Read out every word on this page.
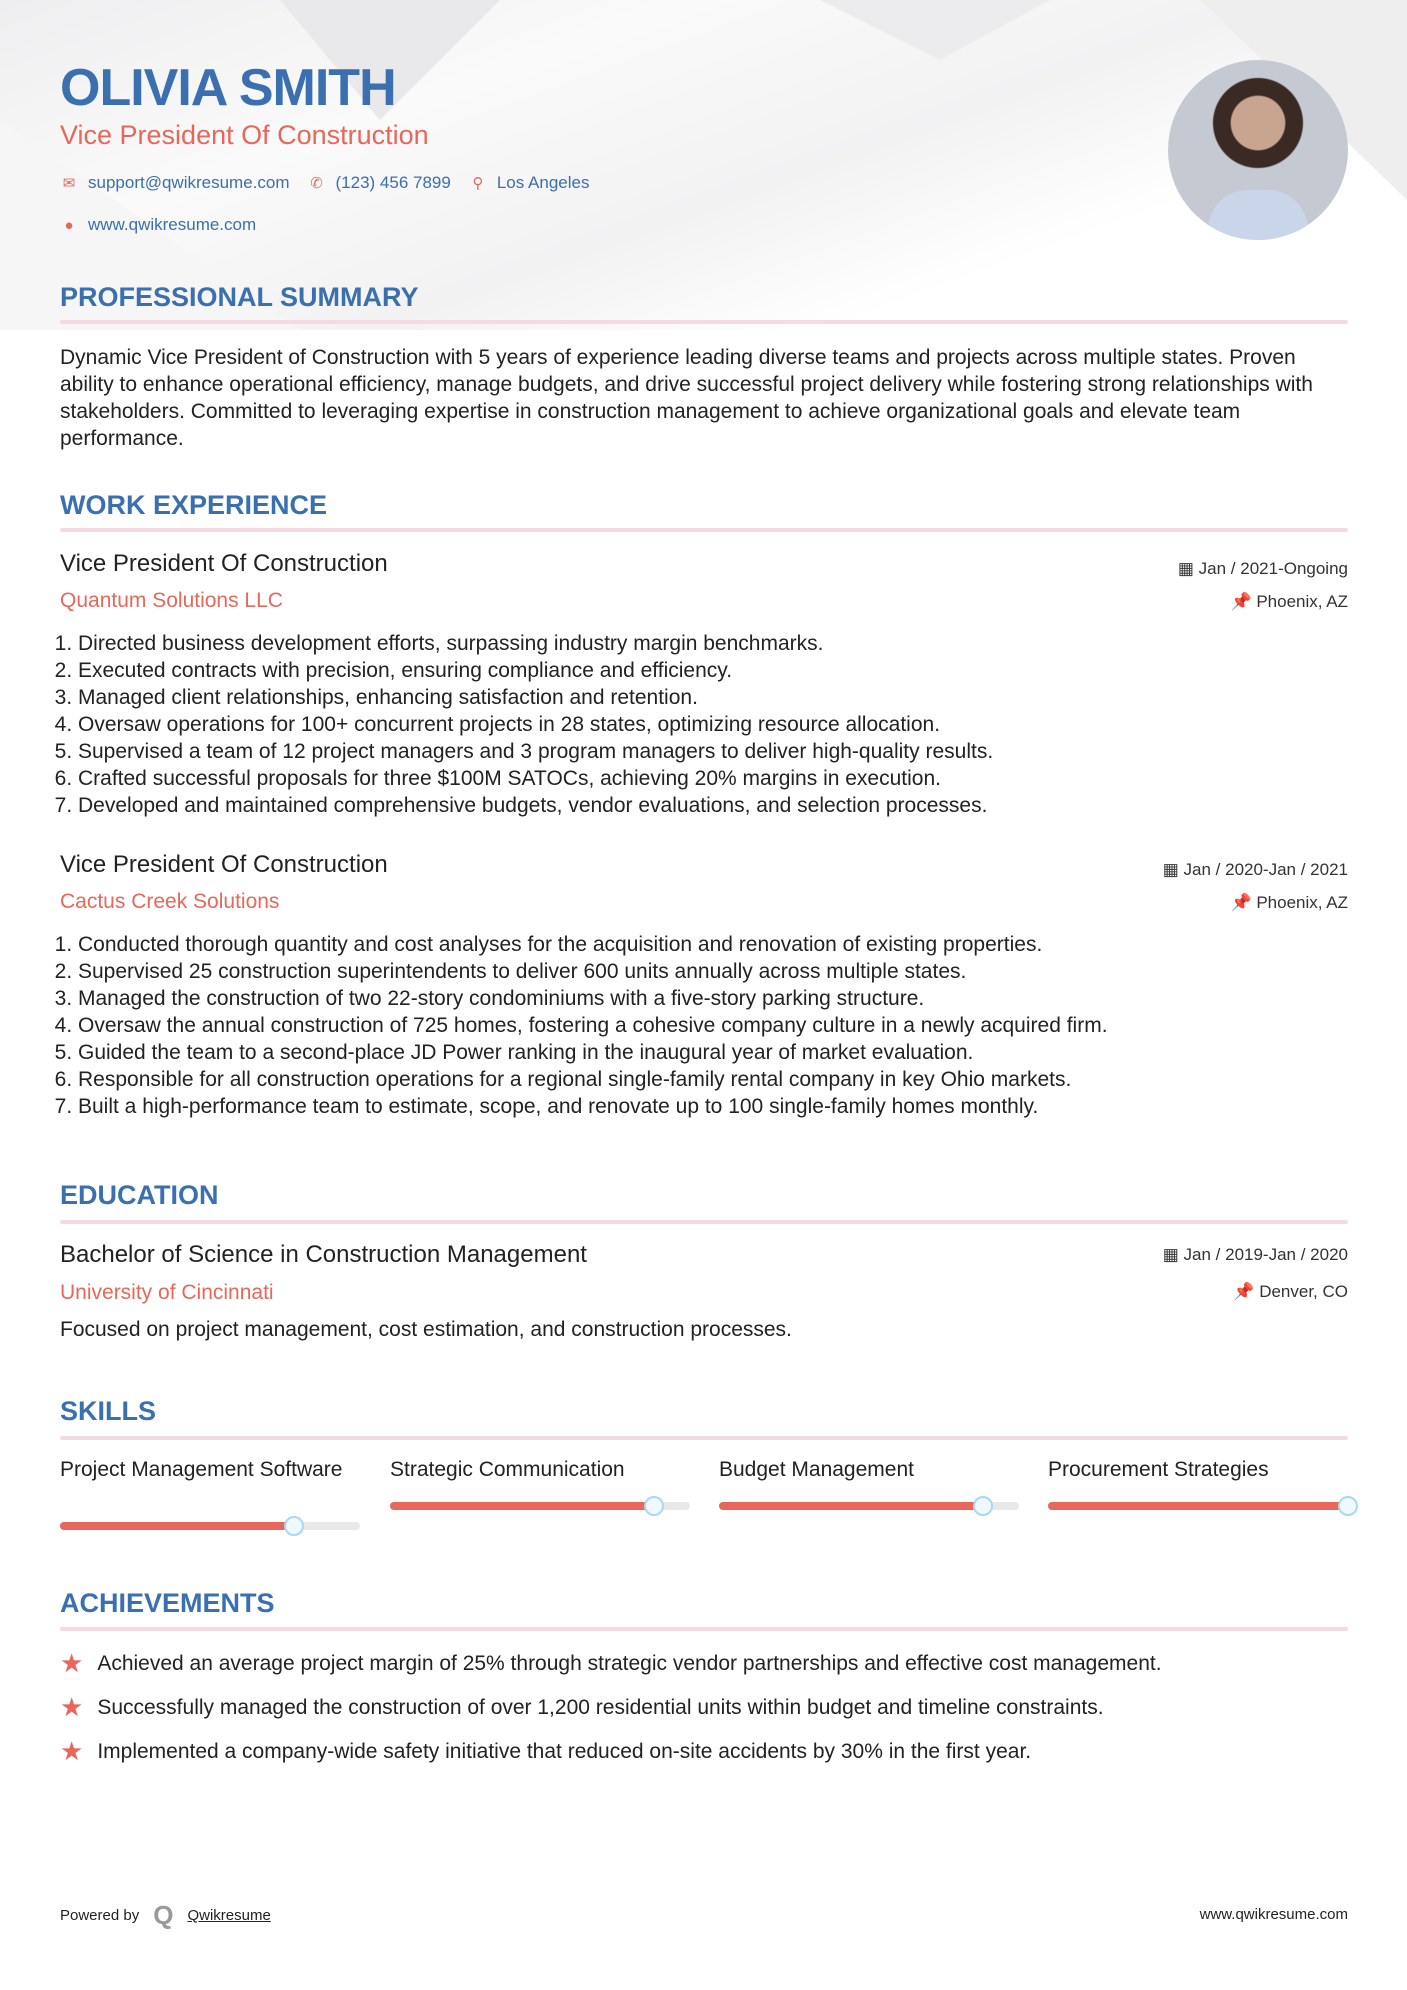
OLIVIA SMITH
Vice President Of Construction
✉ support@qwikresume.com ✆ (123) 456 7899 ⚲ Los Angeles
● www.qwikresume.com
PROFESSIONAL SUMMARY
Dynamic Vice President of Construction with 5 years of experience leading diverse teams and projects across multiple states. Proven ability to enhance operational efficiency, manage budgets, and drive successful project delivery while fostering strong relationships with stakeholders. Committed to leveraging expertise in construction management to achieve organizational goals and elevate team performance.
WORK EXPERIENCE
Vice President Of Construction
Quantum Solutions LLC
▦ Jan / 2021-Ongoing
📌 Phoenix, AZ
1. Directed business development efforts, surpassing industry margin benchmarks.
2. Executed contracts with precision, ensuring compliance and efficiency.
3. Managed client relationships, enhancing satisfaction and retention.
4. Oversaw operations for 100+ concurrent projects in 28 states, optimizing resource allocation.
5. Supervised a team of 12 project managers and 3 program managers to deliver high-quality results.
6. Crafted successful proposals for three $100M SATOCs, achieving 20% margins in execution.
7. Developed and maintained comprehensive budgets, vendor evaluations, and selection processes.
Vice President Of Construction
Cactus Creek Solutions
▦ Jan / 2020-Jan / 2021
📌 Phoenix, AZ
1. Conducted thorough quantity and cost analyses for the acquisition and renovation of existing properties.
2. Supervised 25 construction superintendents to deliver 600 units annually across multiple states.
3. Managed the construction of two 22-story condominiums with a five-story parking structure.
4. Oversaw the annual construction of 725 homes, fostering a cohesive company culture in a newly acquired firm.
5. Guided the team to a second-place JD Power ranking in the inaugural year of market evaluation.
6. Responsible for all construction operations for a regional single-family rental company in key Ohio markets.
7. Built a high-performance team to estimate, scope, and renovate up to 100 single-family homes monthly.
EDUCATION
Bachelor of Science in Construction Management
University of Cincinnati
▦ Jan / 2019-Jan / 2020
📌 Denver, CO
Focused on project management, cost estimation, and construction processes.
SKILLS
Project Management Software	Strategic Communication	Budget Management	Procurement Strategies
ACHIEVEMENTS
★ Achieved an average project margin of 25% through strategic vendor partnerships and effective cost management.
★ Successfully managed the construction of over 1,200 residential units within budget and timeline constraints.
★ Implemented a company-wide safety initiative that reduced on-site accidents by 30% in the first year.
Powered by Q Qwikresume	www.qwikresume.com
